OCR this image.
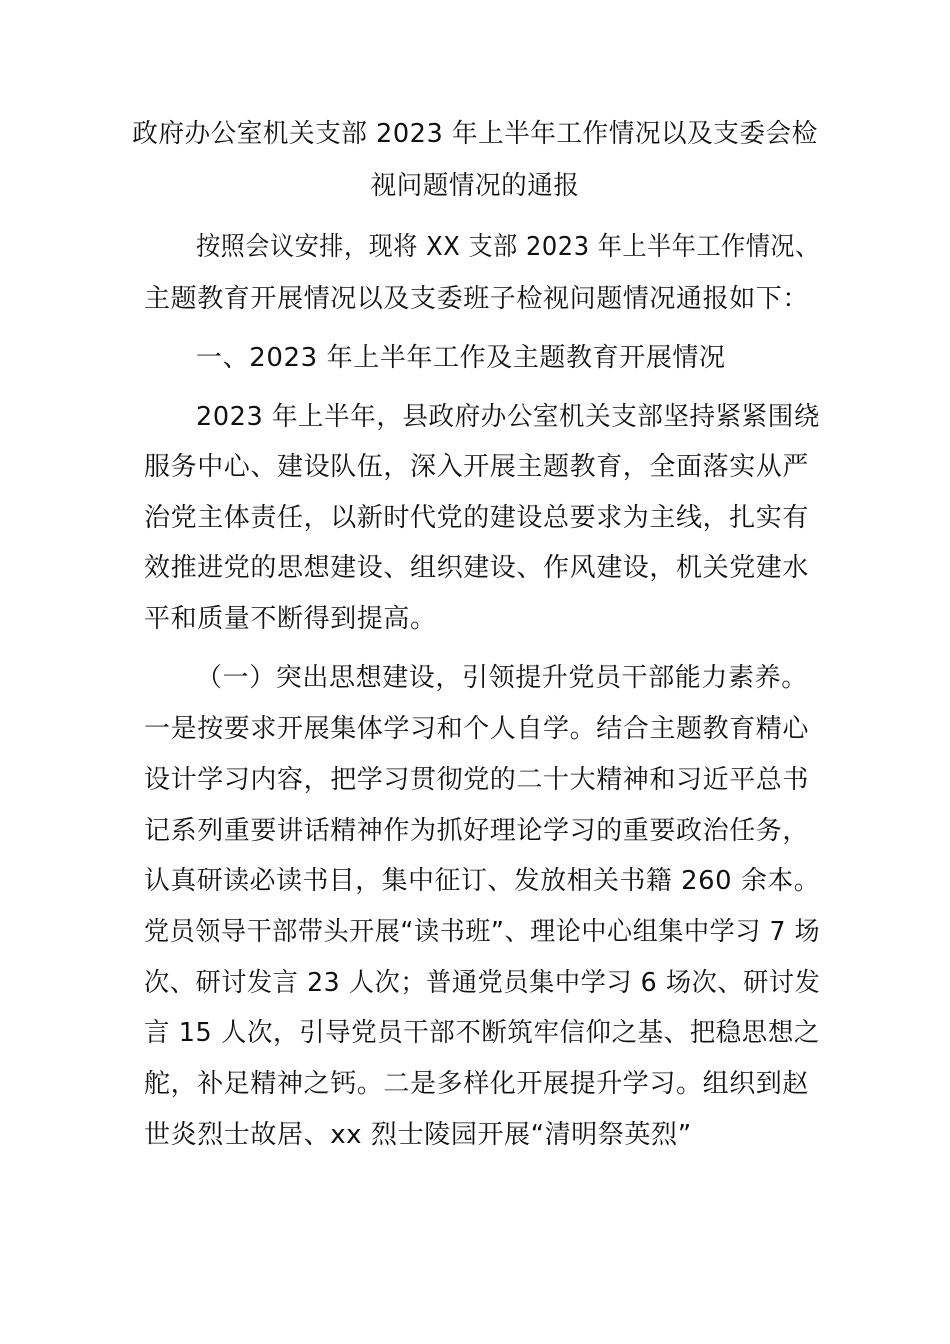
政府办公室机关支部 2023 年上半年工作情况以及支委会检
视问题情况的通报
按照会议安排，现将 XX 支部 2023 年上半年工作情况、
主题教育开展情况以及支委班子检视问题情况通报如下：
一、2023 年上半年工作及主题教育开展情况
2023 年上半年，县政府办公室机关支部坚持紧紧围绕
服务中心、建设队伍，深入开展主题教育，全面落实从严
治党主体责任，以新时代党的建设总要求为主线，扎实有
效推进党的思想建设、组织建设、作风建设，机关党建水
平和质量不断得到提高。
（一）突出思想建设，引领提升党员干部能力素养。
一是按要求开展集体学习和个人自学。结合主题教育精心
设计学习内容，把学习贯彻党的二十大精神和习近平总书
记系列重要讲话精神作为抓好理论学习的重要政治任务，
认真研读必读书目，集中征订、发放相关书籍 260 余本。
党员领导干部带头开展“读书班”、理论中心组集中学习 7 场
次、研讨发言 23 人次；普通党员集中学习 6 场次、研讨发
言 15 人次，引导党员干部不断筑牢信仰之基、把稳思想之
舵，补足精神之钙。二是多样化开展提升学习。组织到赵
世炎烈士故居、xx 烈士陵园开展“清明祭英烈”
